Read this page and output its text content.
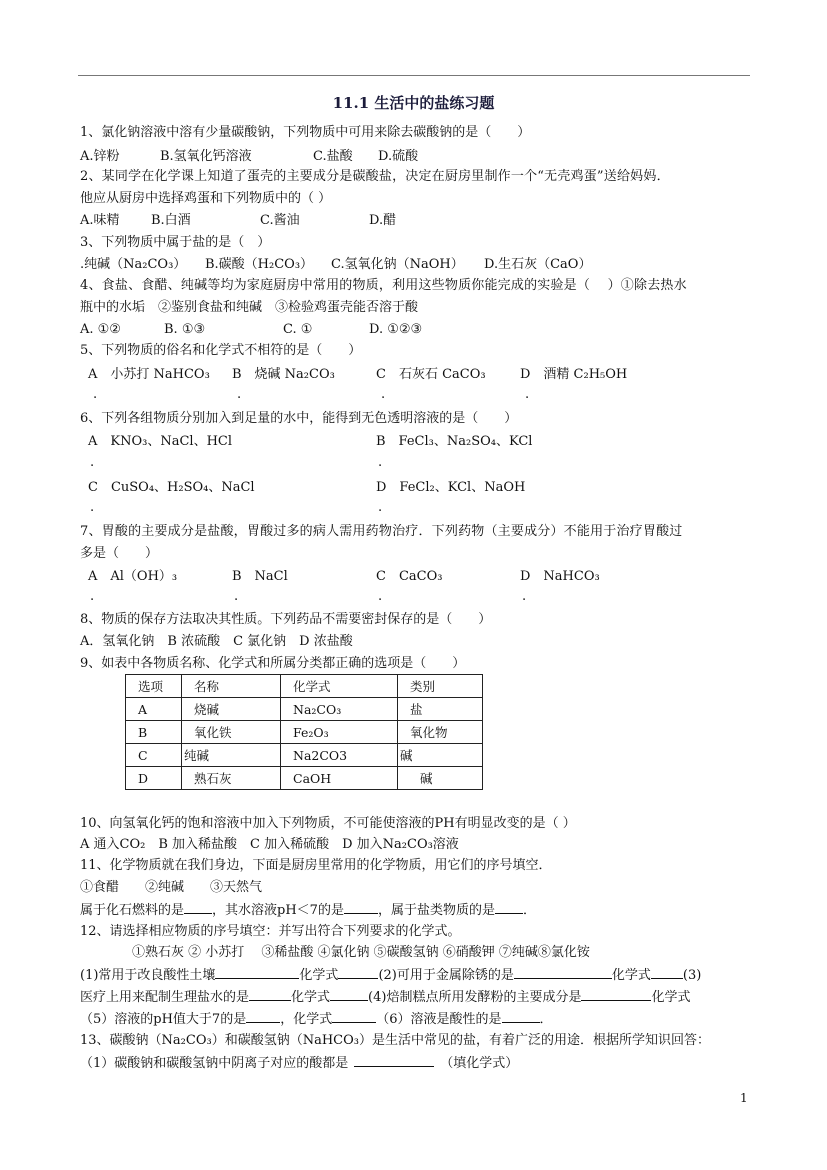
11.1 生活中的盐练习题
1、氯化钠溶液中溶有少量碳酸钠，下列物质中可用来除去碳酸钠的是（　　）
A.锌粉	B.氢氧化钙溶液	C.盐酸 D.硫酸
2、某同学在化学课上知道了蛋壳的主要成分是碳酸盐，决定在厨房里制作一个“无壳鸡蛋”送给妈妈．
他应从厨房中选择鸡蛋和下列物质中的（ ）
A.味精 B.白酒	C.酱油	D.醋
3、下列物质中属于盐的是（　）
.纯碱（Na₂CO₃） B.碳酸（H₂CO₃） C.氢氧化钠（NaOH） D.生石灰（CaO）
4、食盐、食醋、纯碱等均为家庭厨房中常用的物质，利用这些物质你能完成的实验是（　 ）①除去热水
瓶中的水垢　②鉴别食盐和纯碱　③检验鸡蛋壳能否溶于酸
A. ①②	B. ①③	C. ①	D. ①②③
5、下列物质的俗名和化学式不相符的是（　　）
A　小苏打 NaHCO₃ B　烧碱 Na₂CO₃	C　石灰石 CaCO₃	D　酒精 C₂H₅OH
.	.	.	.
6、下列各组物质分别加入到足量的水中，能得到无色透明溶液的是（　　）
A　KNO₃、NaCl、HCl	B　FeCl₃、Na₂SO₄、KCl
.	.
C　CuSO₄、H₂SO₄、NaCl	D　FeCl₂、KCl、NaOH
.	.
7、胃酸的主要成分是盐酸，胃酸过多的病人需用药物治疗．下列药物（主要成分）不能用于治疗胃酸过
多是（　　）
A　Al（OH）₃	B　NaCl	C　CaCO₃	D　NaHCO₃
.	.	.	.
8、物质的保存方法取决其性质。下列药品不需要密封保存的是（　　）
A．氢氧化钠　B 浓硫酸　C 氯化钠　D 浓盐酸
9、如表中各物质名称、化学式和所属分类都正确的选项是（　　）
选项	名称	化学式	类别
A	烧碱	Na₂CO₃	盐
B	氧化铁	Fe₂O₃	氧化物
C	纯碱	Na2CO3	碱
D	熟石灰	CaOH	碱
10、向氢氧化钙的饱和溶液中加入下列物质，不可能使溶液的PH有明显改变的是（ ）
A 通入CO₂　B 加入稀盐酸　C 加入稀硫酸　D 加入Na₂CO₃溶液
11、化学物质就在我们身边，下面是厨房里常用的化学物质，用它们的序号填空．
①食醋　　②纯碱　　③天然气
属于化石燃料的是 ，其水溶液pH＜7的是	，属于盐类物质的是 ．
12、请选择相应物质的序号填空：并写出符合下列要求的化学式。
①熟石灰 ② 小苏打　 ③稀盐酸 ④氯化钠 ⑤碳酸氢钠 ⑥硝酸钾 ⑦纯碱⑧氯化铵
(1)常用于改良酸性土壤	化学式	(2)可用于金属除锈的是	化学式 (3)
医疗上用来配制生理盐水的是	化学式	(4)焙制糕点所用发酵粉的主要成分是	化学式
（5）溶液的pH值大于7的是	，化学式	（6）溶液是酸性的是	．
13、碳酸钠（Na₂CO₃）和碳酸氢钠（NaHCO₃）是生活中常见的盐，有着广泛的用途．根据所学知识回答：
（1）碳酸钠和碳酸氢钠中阴离子对应的酸都是	（填化学式）
1
